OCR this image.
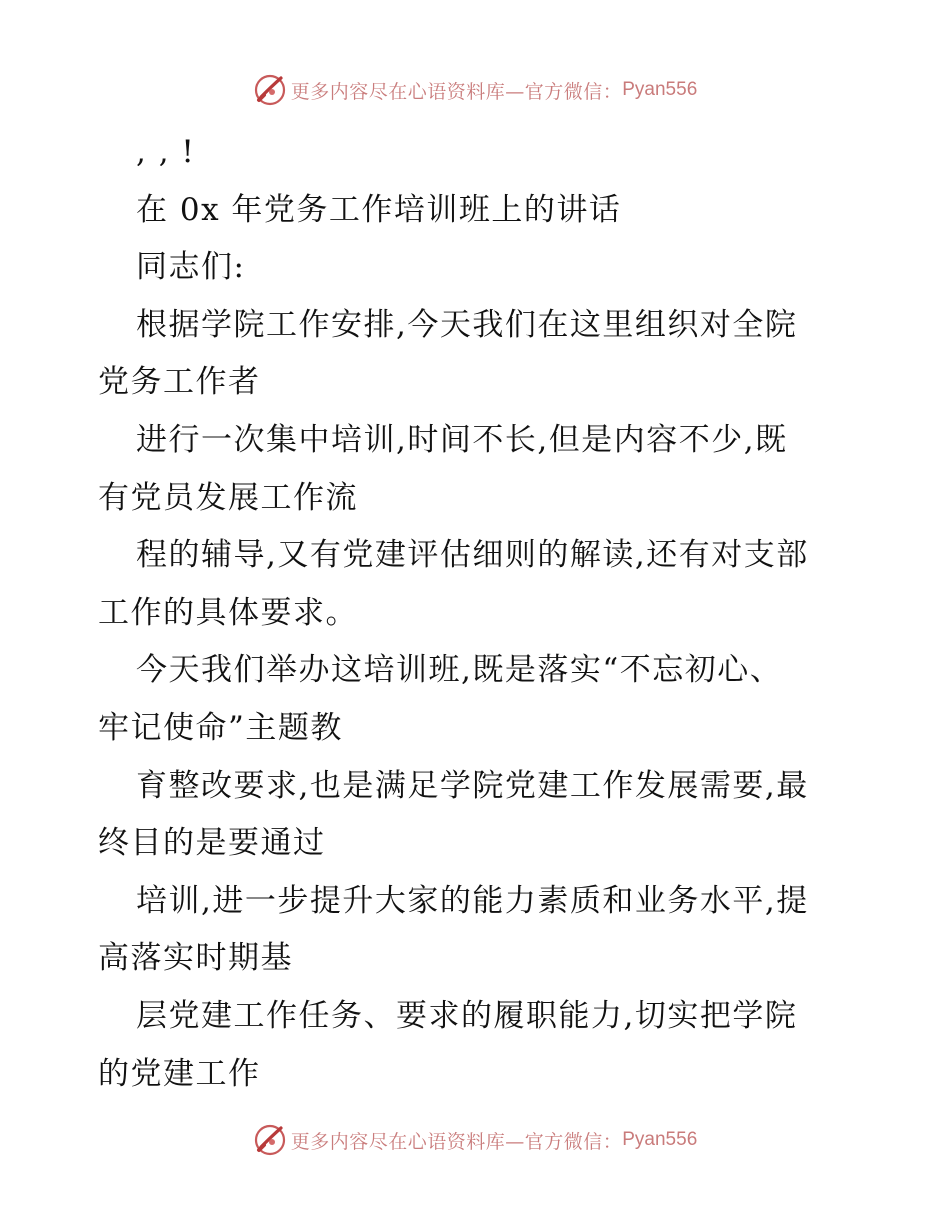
更多内容尽在心语资料库—官方微信： Pyan556
, , !
在 0x 年党务工作培训班上的讲话
同志们:
根据学院工作安排,今天我们在这里组织对全院
党务工作者
进行一次集中培训,时间不长,但是内容不少,既
有党员发展工作流
程的辅导,又有党建评估细则的解读,还有对支部
工作的具体要求。
今天我们举办这培训班,既是落实“不忘初心、
牢记使命”主题教
育整改要求,也是满足学院党建工作发展需要,最
终目的是要通过
培训,进一步提升大家的能力素质和业务水平,提
高落实时期基
层党建工作任务、要求的履职能力,切实把学院
的党建工作
更多内容尽在心语资料库—官方微信： Pyan556
